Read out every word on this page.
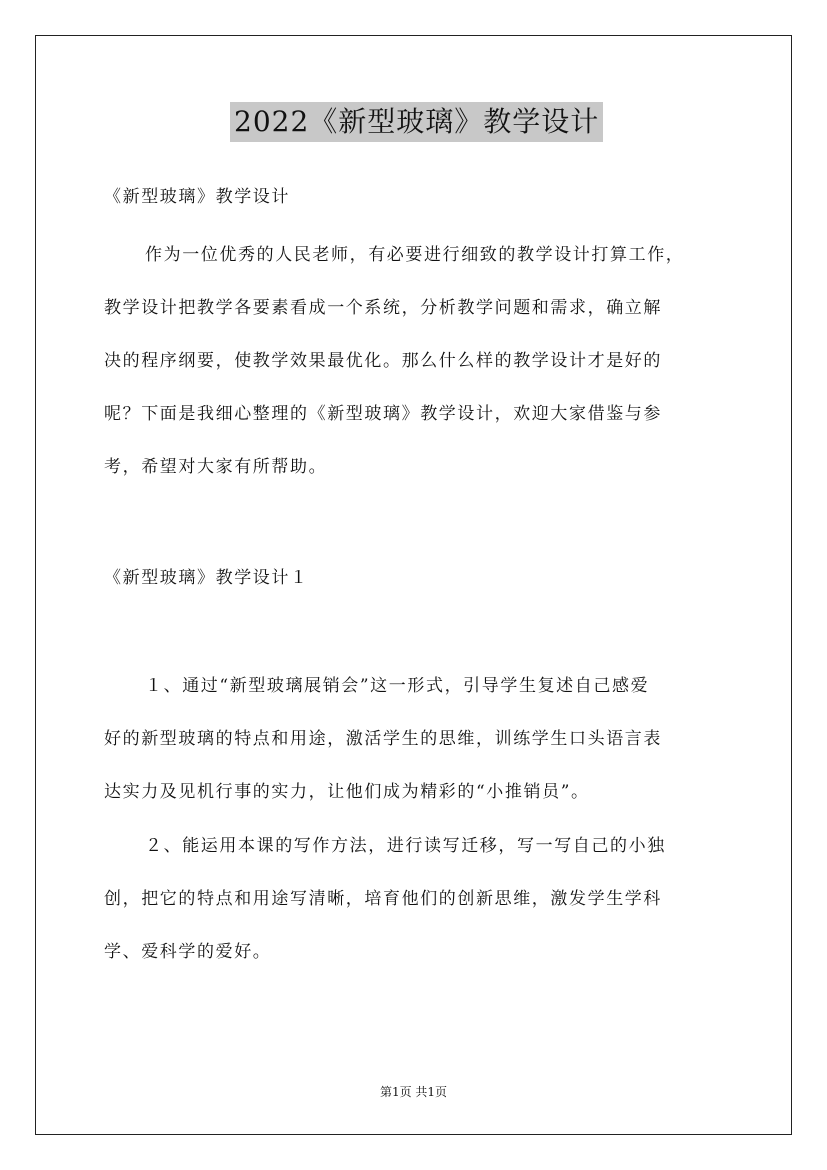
2022《新型玻璃》教学设计
《新型玻璃》教学设计
作为一位优秀的人民老师，有必要进行细致的教学设计打算工作，
教学设计把教学各要素看成一个系统，分析教学问题和需求，确立解
决的程序纲要，使教学效果最优化。那么什么样的教学设计才是好的
呢？下面是我细心整理的《新型玻璃》教学设计，欢迎大家借鉴与参
考，希望对大家有所帮助。
《新型玻璃》教学设计１
１、通过“新型玻璃展销会”这一形式，引导学生复述自己感爱
好的新型玻璃的特点和用途，激活学生的思维，训练学生口头语言表
达实力及见机行事的实力，让他们成为精彩的“小推销员”。
２、能运用本课的写作方法，进行读写迁移，写一写自己的小独
创，把它的特点和用途写清晰，培育他们的创新思维，激发学生学科
学、爱科学的爱好。
第1页 共1页
